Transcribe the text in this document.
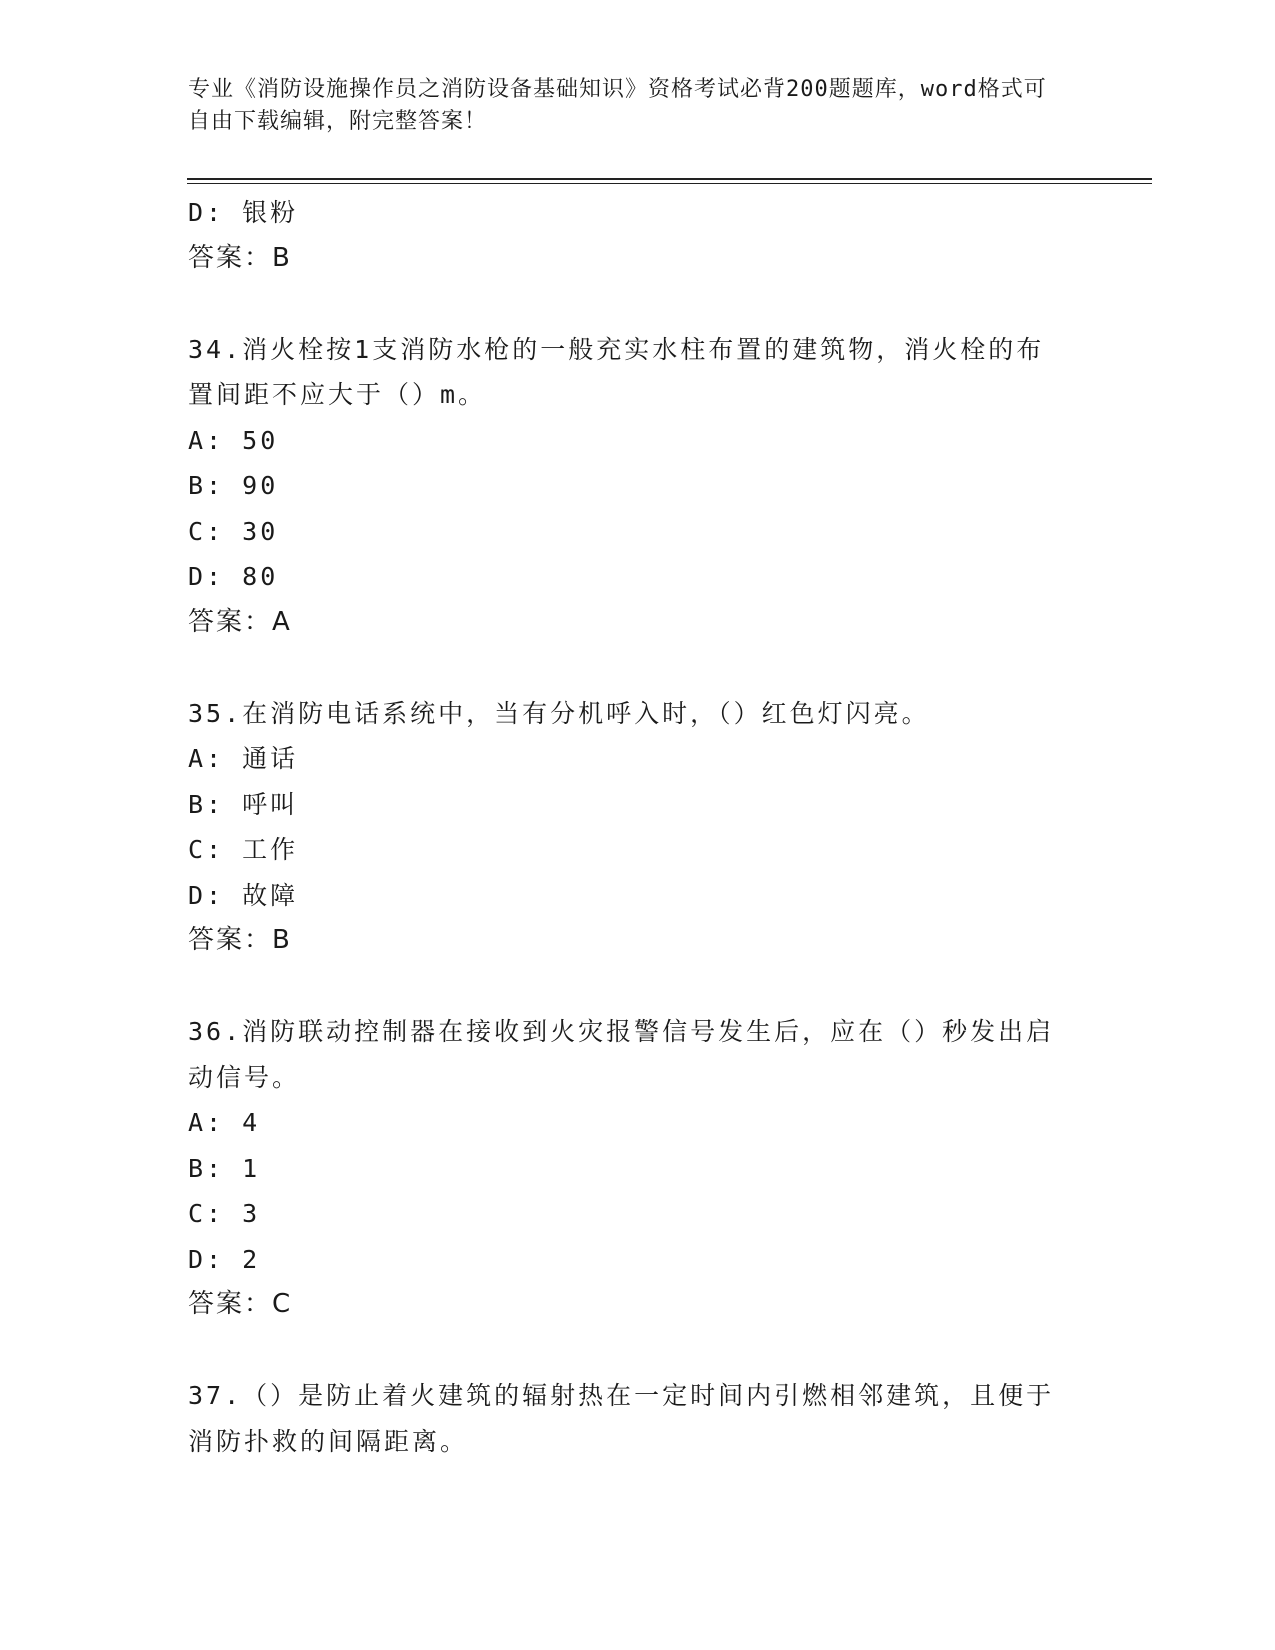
专业《消防设施操作员之消防设备基础知识》资格考试必背200题题库，word格式可自由下载编辑，附完整答案！
D: 银粉
答案：B
34.消火栓按1支消防水枪的一般充实水柱布置的建筑物，消火栓的布
置间距不应大于（）m。
A: 50
B: 90
C: 30
D: 80
答案：A
35.在消防电话系统中，当有分机呼入时，（）红色灯闪亮。
A: 通话
B: 呼叫
C: 工作
D: 故障
答案：B
36.消防联动控制器在接收到火灾报警信号发生后，应在（）秒发出启
动信号。
A: 4
B: 1
C: 3
D: 2
答案：C
37.（）是防止着火建筑的辐射热在一定时间内引燃相邻建筑，且便于
消防扑救的间隔距离。
